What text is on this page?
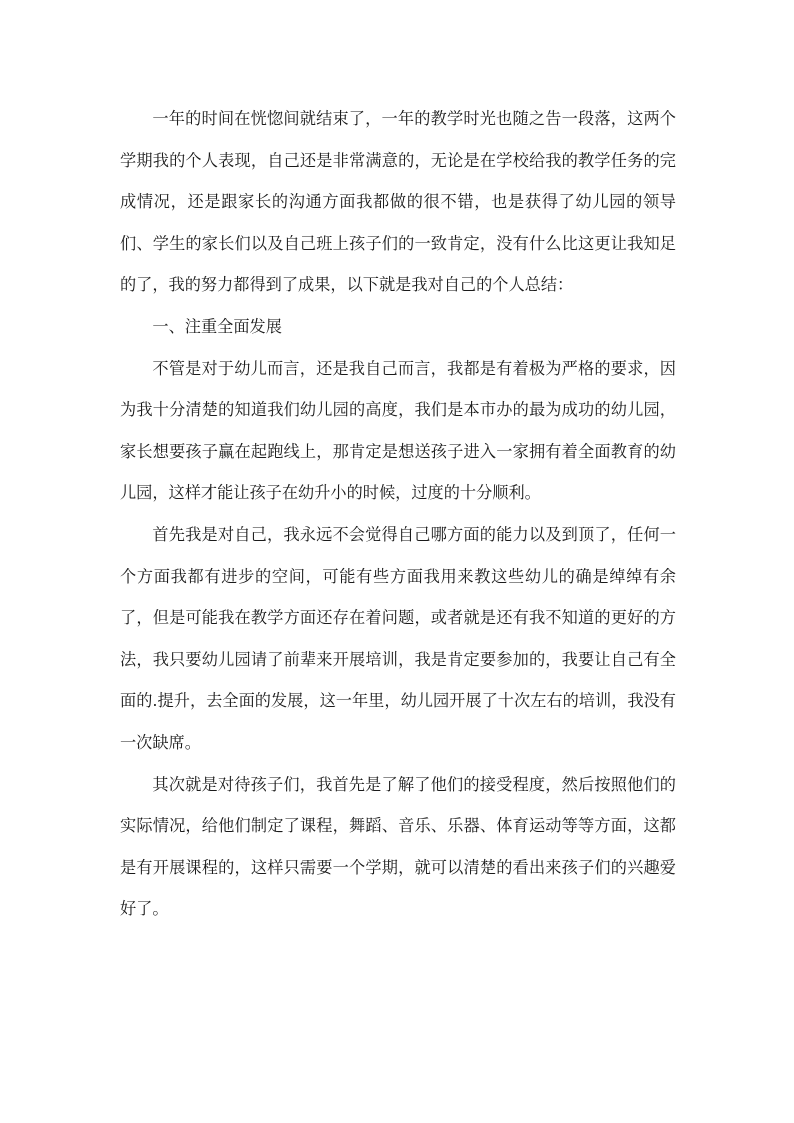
一年的时间在恍惚间就结束了，一年的教学时光也随之告一段落，这两个学期我的个人表现，自己还是非常满意的，无论是在学校给我的教学任务的完成情况，还是跟家长的沟通方面我都做的很不错，也是获得了幼儿园的领导们、学生的家长们以及自己班上孩子们的一致肯定，没有什么比这更让我知足的了，我的努力都得到了成果，以下就是我对自己的个人总结：

一、注重全面发展

不管是对于幼儿而言，还是我自己而言，我都是有着极为严格的要求，因为我十分清楚的知道我们幼儿园的高度，我们是本市办的最为成功的幼儿园，家长想要孩子赢在起跑线上，那肯定是想送孩子进入一家拥有着全面教育的幼儿园，这样才能让孩子在幼升小的时候，过度的十分顺利。

首先我是对自己，我永远不会觉得自己哪方面的能力以及到顶了，任何一个方面我都有进步的空间，可能有些方面我用来教这些幼儿的确是绰绰有余了，但是可能我在教学方面还存在着问题，或者就是还有我不知道的更好的方法，我只要幼儿园请了前辈来开展培训，我是肯定要参加的，我要让自己有全面的.提升，去全面的发展，这一年里，幼儿园开展了十次左右的培训，我没有一次缺席。

其次就是对待孩子们，我首先是了解了他们的接受程度，然后按照他们的实际情况，给他们制定了课程，舞蹈、音乐、乐器、体育运动等等方面，这都是有开展课程的，这样只需要一个学期，就可以清楚的看出来孩子们的兴趣爱好了。
